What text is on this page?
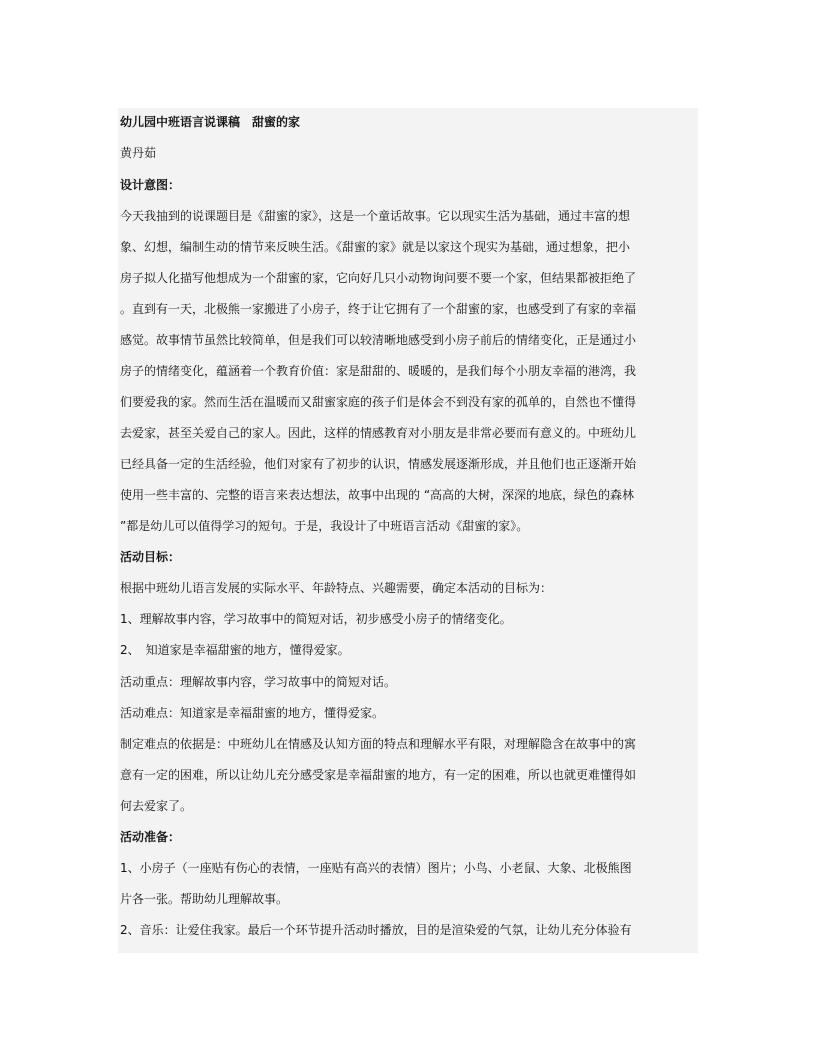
幼儿园中班语言说课稿　甜蜜的家
黄丹茹
设计意图：
今天我抽到的说课题目是《甜蜜的家》，这是一个童话故事。它以现实生活为基础，通过丰富的想
象、幻想，编制生动的情节来反映生活。《甜蜜的家》就是以家这个现实为基础，通过想象，把小
房子拟人化描写他想成为一个甜蜜的家，它向好几只小动物询问要不要一个家，但结果都被拒绝了
。直到有一天，北极熊一家搬进了小房子，终于让它拥有了一个甜蜜的家，也感受到了有家的幸福
感觉。故事情节虽然比较简单，但是我们可以较清晰地感受到小房子前后的情绪变化，正是通过小
房子的情绪变化，蕴涵着一个教育价值：家是甜甜的、暖暖的，是我们每个小朋友幸福的港湾，我
们要爱我的家。然而生活在温暖而又甜蜜家庭的孩子们是体会不到没有家的孤单的，自然也不懂得
去爱家，甚至关爱自己的家人。因此，这样的情感教育对小朋友是非常必要而有意义的。中班幼儿
已经具备一定的生活经验，他们对家有了初步的认识，情感发展逐渐形成，并且他们也正逐渐开始
使用一些丰富的、完整的语言来表达想法，故事中出现的 “高高的大树，深深的地底，绿色的森林
”都是幼儿可以值得学习的短句。于是，我设计了中班语言活动《甜蜜的家》。
活动目标：
根据中班幼儿语言发展的实际水平、年龄特点、兴趣需要，确定本活动的目标为：
1、理解故事内容，学习故事中的简短对话，初步感受小房子的情绪变化。
2、　知道家是幸福甜蜜的地方，懂得爱家。
活动重点：理解故事内容，学习故事中的简短对话。
活动难点：知道家是幸福甜蜜的地方，懂得爱家。
制定难点的依据是：中班幼儿在情感及认知方面的特点和理解水平有限，对理解隐含在故事中的寓
意有一定的困难，所以让幼儿充分感受家是幸福甜蜜的地方，有一定的困难，所以也就更难懂得如
何去爱家了。
活动准备：
1、小房子（一座贴有伤心的表情，一座贴有高兴的表情）图片；小鸟、小老鼠、大象、北极熊图
片各一张。帮助幼儿理解故事。
2、音乐：让爱住我家。最后一个环节提升活动时播放，目的是渲染爱的气氛，让幼儿充分体验有
